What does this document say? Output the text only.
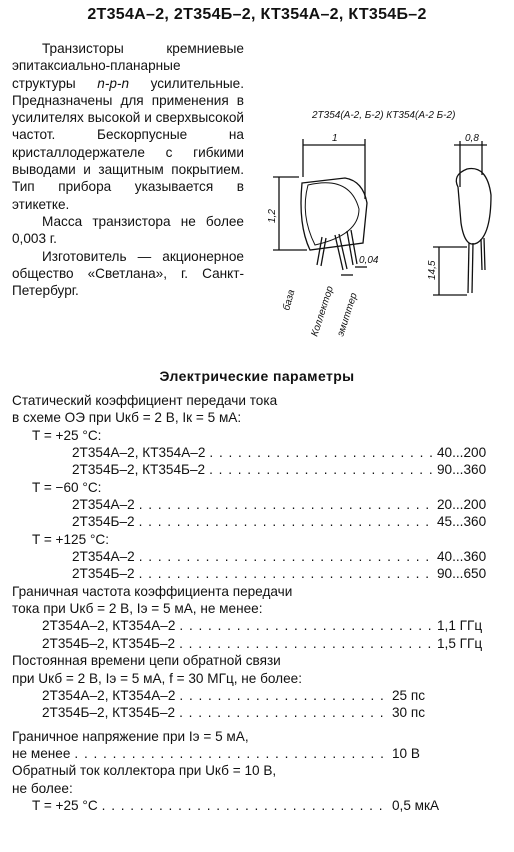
2Т354А–2, 2Т354Б–2, КТ354А–2, КТ354Б–2

Транзисторы кремниевые эпитаксиально-планарные структуры n-p-n усилительные. Предназначены для применения в усилителях высокой и сверхвысокой частот. Бескорпусные на кристаллодержателе с гибкими выводами и защитным покрытием. Тип прибора указывается в этикетке.

Масса транзистора не более 0,003 г.

Изготовитель — акционерное общество «Светлана», г. Санкт-Петербург.

2Т354(А-2, Б-2) КТ354(А-2 Б-2)
1	0,8
1,2
0,04
14,5
база Коллектор эмиттер
Электрические параметры
Статический коэффициент передачи тока
в схеме ОЭ при Uкб = 2 В, Iк = 5 мА:
T = +25 °С:
2Т354А–2, КТ354А–2 . . .	40...200
2Т354Б–2, КТ354Б–2 . . .	90...360
T = −60 °С:
2Т354А–2 . . .	20...200
2Т354Б–2 . . .	45...360
T = +125 °С:
2Т354А–2 . . .	40...360
2Т354Б–2 . . .	90...650
Граничная частота коэффициента передачи
тока при Uкб = 2 В, Iэ = 5 мА, не менее:
2Т354А–2, КТ354А–2 . . .	1,1 ГГц
2Т354Б–2, КТ354Б–2 . . .	1,5 ГГц
Постоянная времени цепи обратной связи
при Uкб = 2 В, Iэ = 5 мА, f = 30 МГц, не более:
2Т354А–2, КТ354А–2 . . .	25 пс
2Т354Б–2, КТ354Б–2 . . .	30 пс
Граничное напряжение при Iэ = 5 мА,
не менее . . .	10 В
Обратный ток коллектора при Uкб = 10 В,
не более:
T = +25 °С . . .	0,5 мкА
